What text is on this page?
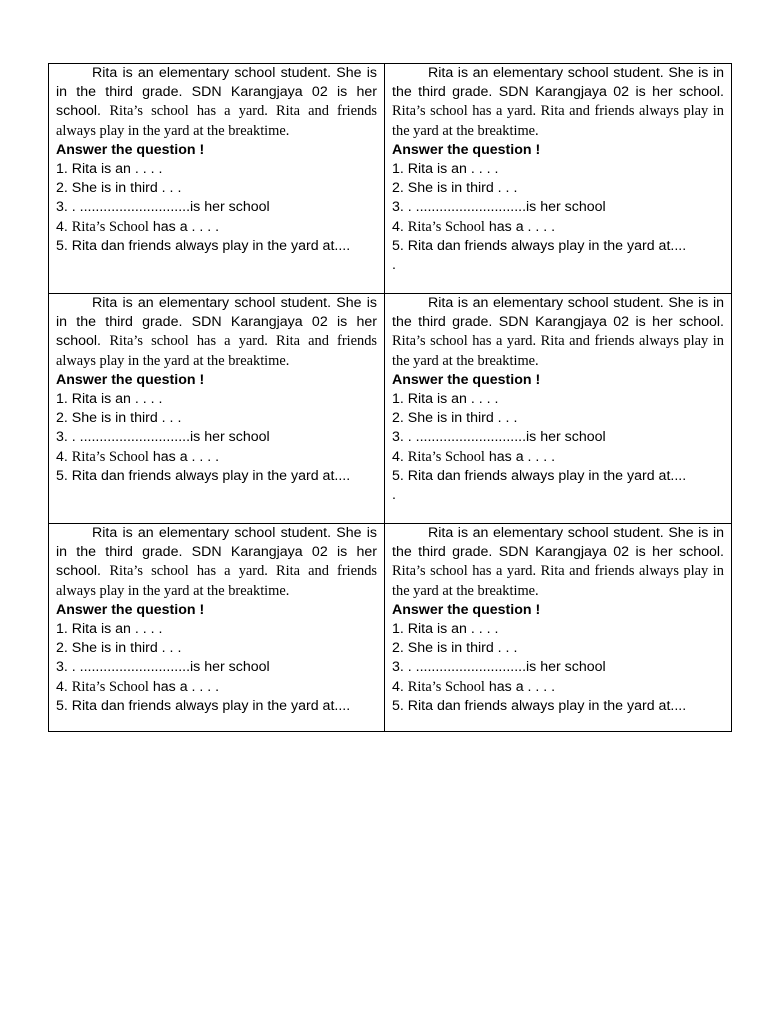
Rita is an elementary school student. She is in the third grade. SDN Karangjaya 02 is her school. Rita’s school has a yard. Rita and friends always play in the yard at the breaktime.

Answer the question !

1. Rita is an . . . .

2. She is in third . . .

3. . ............................is her school

4. Rita’s School has a . . . .

5. Rita dan friends always play in the yard at....

Rita is an elementary school student. She is in the third grade. SDN Karangjaya 02 is her school. Rita’s school has a yard. Rita and friends always play in the yard at the breaktime.

Answer the question !

1. Rita is an . . . .

2. She is in third . . .

3. . ............................is her school

4. Rita’s School has a . . . .

5. Rita dan friends always play in the yard at....

.

Rita is an elementary school student. She is in the third grade. SDN Karangjaya 02 is her school. Rita’s school has a yard. Rita and friends always play in the yard at the breaktime.

Answer the question !

1. Rita is an . . . .

2. She is in third . . .

3. . ............................is her school

4. Rita’s School has a . . . .

5. Rita dan friends always play in the yard at....

Rita is an elementary school student. She is in the third grade. SDN Karangjaya 02 is her school. Rita’s school has a yard. Rita and friends always play in the yard at the breaktime.

Answer the question !

1. Rita is an . . . .

2. She is in third . . .

3. . ............................is her school

4. Rita’s School has a . . . .

5. Rita dan friends always play in the yard at....

.

Rita is an elementary school student. She is in the third grade. SDN Karangjaya 02 is her school. Rita’s school has a yard. Rita and friends always play in the yard at the breaktime.

Answer the question !

1. Rita is an . . . .

2. She is in third . . .

3. . ............................is her school

4. Rita’s School has a . . . .

5. Rita dan friends always play in the yard at....

Rita is an elementary school student. She is in the third grade. SDN Karangjaya 02 is her school. Rita’s school has a yard. Rita and friends always play in the yard at the breaktime.

Answer the question !

1. Rita is an . . . .

2. She is in third . . .

3. . ............................is her school

4. Rita’s School has a . . . .

5. Rita dan friends always play in the yard at....
